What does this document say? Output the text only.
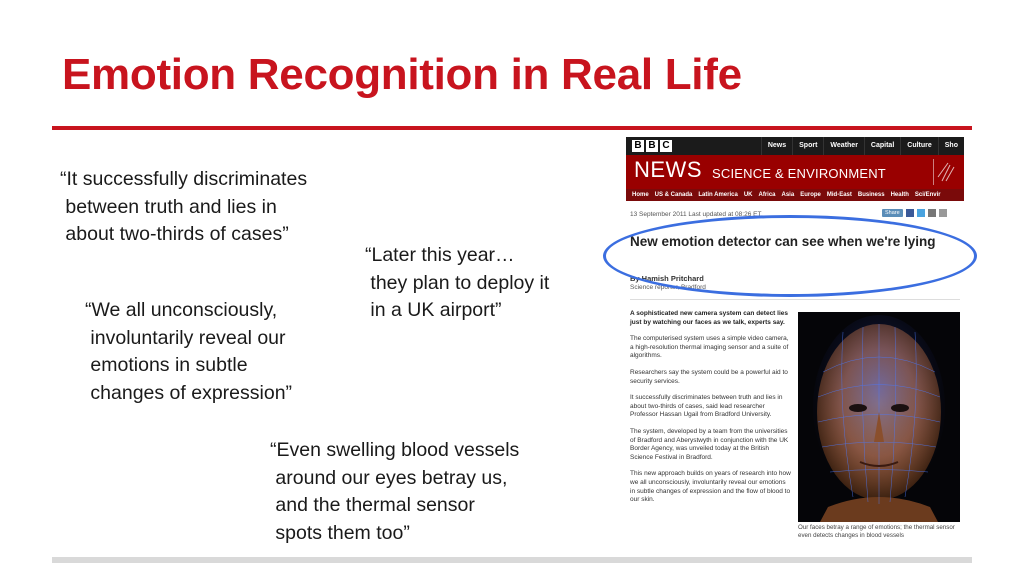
Emotion Recognition in Real Life

“It successfully discriminates
between truth and lies in
about two-thirds of cases”

“Later this year…
they plan to deploy it
in a UK airport”

“We all unconsciously,
involuntarily reveal our
emotions in subtle
changes of expression”

“Even swelling blood vessels
around our eyes betray us,
and the thermal sensor
spots them too”

B B C	News	Sport	Weather	Capital	Culture	Sho
NEWS SCIENCE & ENVIRONMENT
Home	US & Canada	Latin America	UK	Africa	Asia	Europe	Mid-East	Business	Health	Sci/Envir
13 September 2011 Last updated at 08:26 ET	Share
New emotion detector can see when we're lying
By Hamish Pritchard
Science reporter, Bradford

A sophisticated new camera system can detect lies just by watching our faces as we talk, experts say.

The computerised system uses a simple video camera, a high-resolution thermal imaging sensor and a suite of algorithms.

Researchers say the system could be a powerful aid to security services.

It successfully discriminates between truth and lies in about two-thirds of cases, said lead researcher Professor Hassan Ugail from Bradford University.

The system, developed by a team from the universities of Bradford and Aberystwyth in conjunction with the UK Border Agency, was unveiled today at the British Science Festival in Bradford.

This new approach builds on years of research into how we all unconsciously, involuntarily reveal our emotions in subtle changes of expression and the flow of blood to our skin.

Our faces betray a range of emotions; the thermal sensor even detects changes in blood vessels
